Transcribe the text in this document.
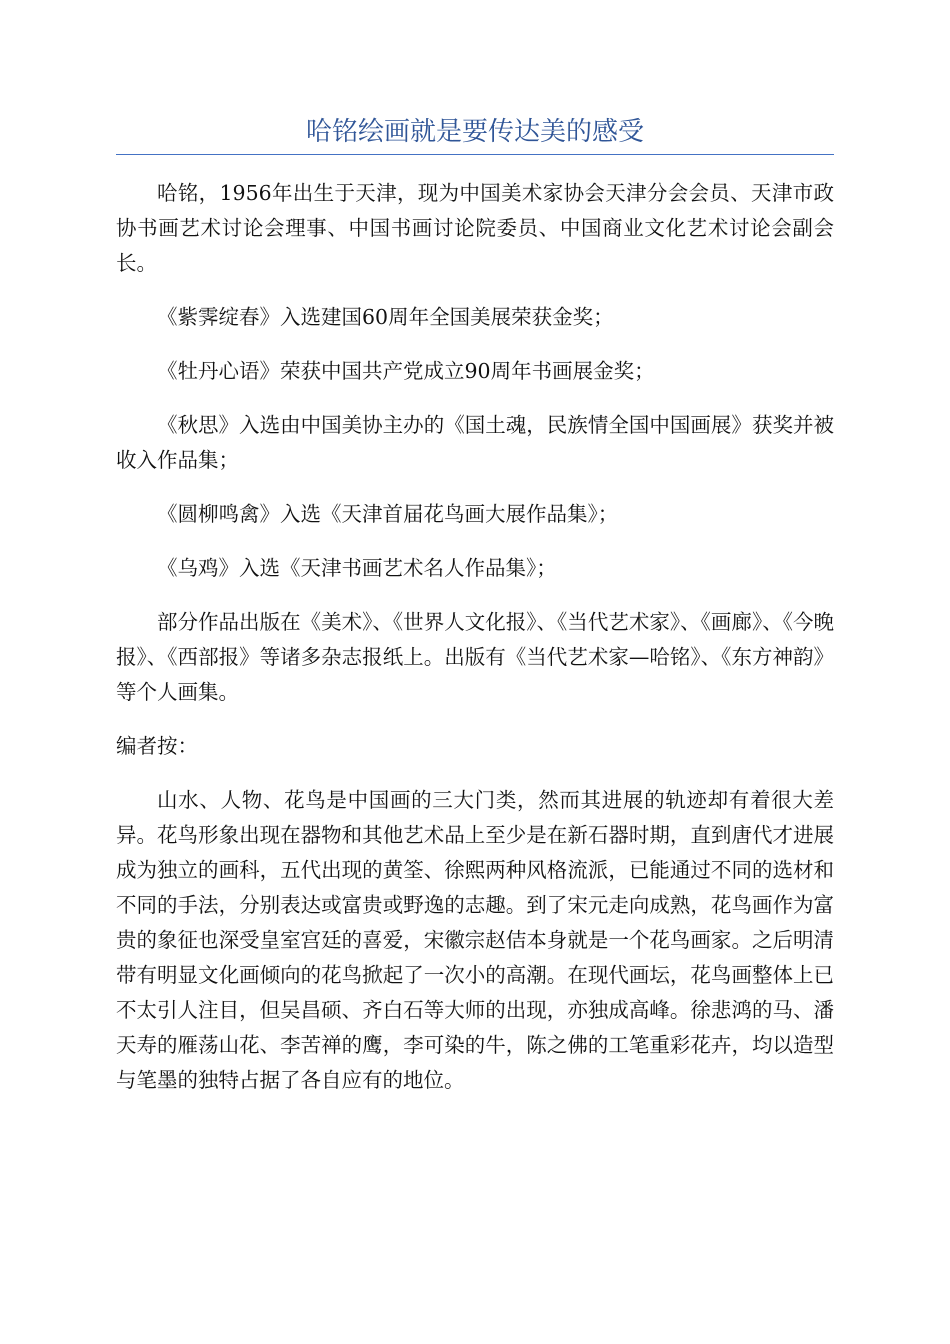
哈铭绘画就是要传达美的感受

哈铭，1956年出生于天津，现为中国美术家协会天津分会会员、天津市政协书画艺术讨论会理事、中国书画讨论院委员、中国商业文化艺术讨论会副会长。

《紫霁绽春》入选建国60周年全国美展荣获金奖；

《牡丹心语》荣获中国共产党成立90周年书画展金奖；

《秋思》入选由中国美协主办的《国土魂，民族情全国中国画展》获奖并被收入作品集；

《圆柳鸣禽》入选《天津首届花鸟画大展作品集》；

《乌鸡》入选《天津书画艺术名人作品集》；

部分作品出版在《美术》、《世界人文化报》、《当代艺术家》、《画廊》、《今晚报》、《西部报》等诸多杂志报纸上。出版有《当代艺术家—哈铭》、《东方神韵》等个人画集。

编者按：

山水、人物、花鸟是中国画的三大门类，然而其进展的轨迹却有着很大差异。花鸟形象出现在器物和其他艺术品上至少是在新石器时期，直到唐代才进展成为独立的画科，五代出现的黄筌、徐熙两种风格流派，已能通过不同的选材和不同的手法，分别表达或富贵或野逸的志趣。到了宋元走向成熟，花鸟画作为富贵的象征也深受皇室宫廷的喜爱，宋徽宗赵佶本身就是一个花鸟画家。之后明清带有明显文化画倾向的花鸟掀起了一次小的高潮。在现代画坛，花鸟画整体上已不太引人注目，但吴昌硕、齐白石等大师的出现，亦独成高峰。徐悲鸿的马、潘天寿的雁荡山花、李苦禅的鹰，李可染的牛，陈之佛的工笔重彩花卉，均以造型与笔墨的独特占据了各自应有的地位。
